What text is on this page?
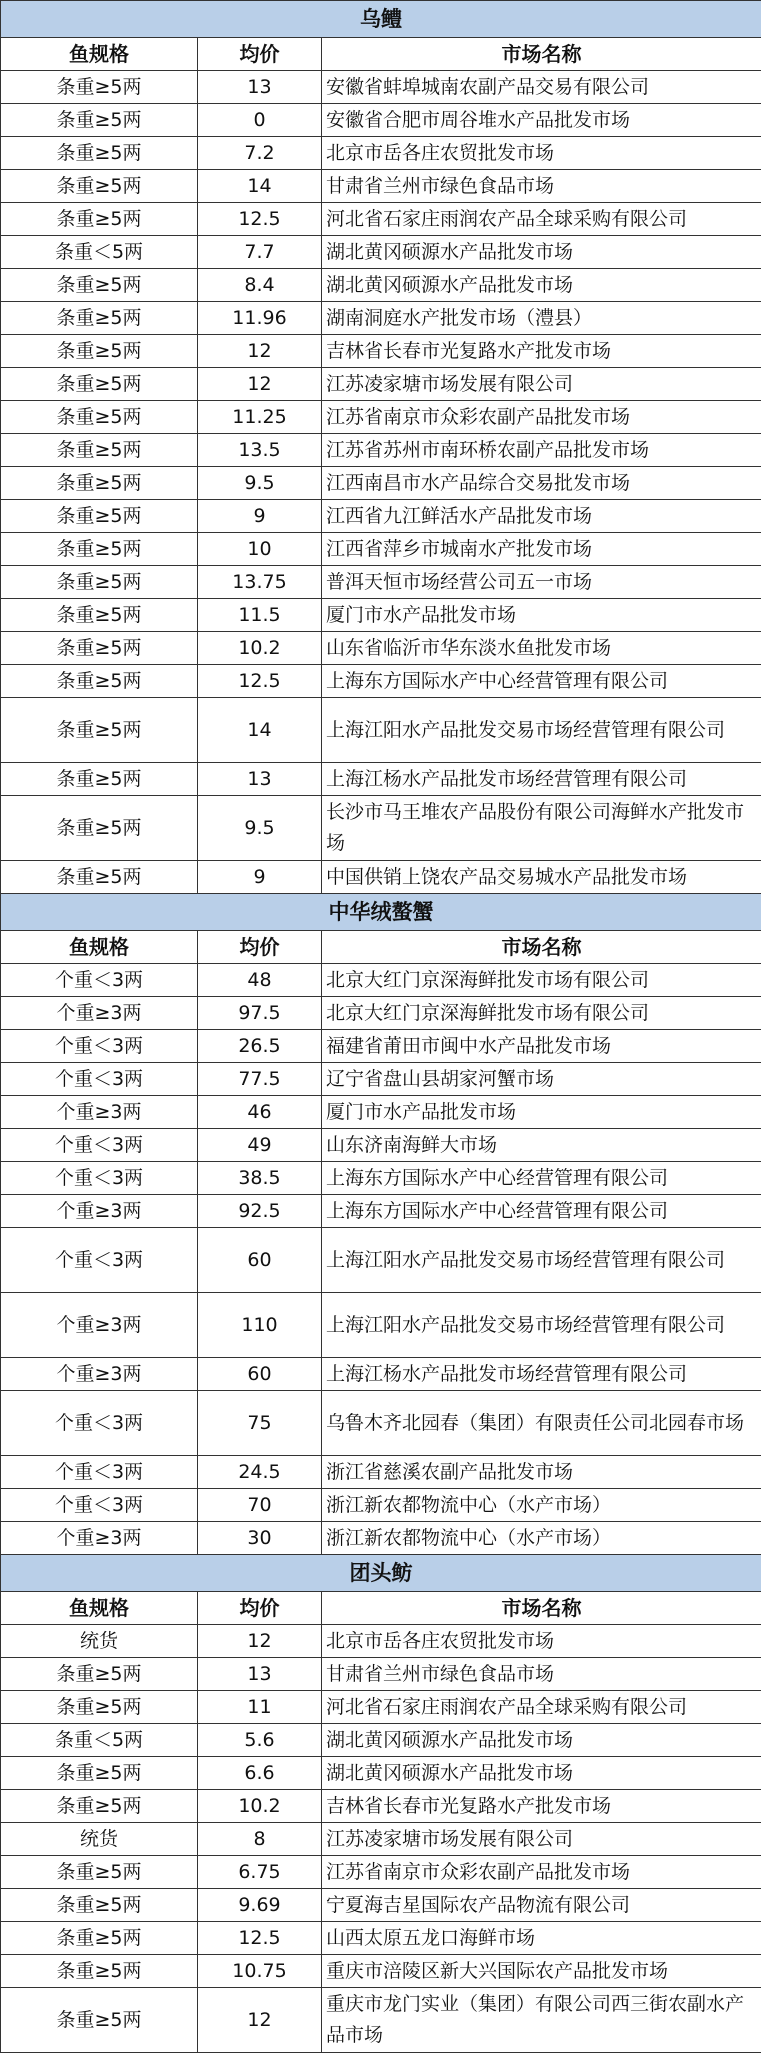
乌鳢		
鱼规格	均价	市场名称
条重≥5两	13	安徽省蚌埠城南农副产品交易有限公司
条重≥5两	0	安徽省合肥市周谷堆水产品批发市场
条重≥5两	7.2	北京市岳各庄农贸批发市场
条重≥5两	14	甘肃省兰州市绿色食品市场
条重≥5两	12.5	河北省石家庄雨润农产品全球采购有限公司
条重＜5两	7.7	湖北黄冈硕源水产品批发市场
条重≥5两	8.4	湖北黄冈硕源水产品批发市场
条重≥5两	11.96	湖南洞庭水产批发市场（澧县）
条重≥5两	12	吉林省长春市光复路水产批发市场
条重≥5两	12	江苏凌家塘市场发展有限公司
条重≥5两	11.25	江苏省南京市众彩农副产品批发市场
条重≥5两	13.5	江苏省苏州市南环桥农副产品批发市场
条重≥5两	9.5	江西南昌市水产品综合交易批发市场
条重≥5两	9	江西省九江鲜活水产品批发市场
条重≥5两	10	江西省萍乡市城南水产批发市场
条重≥5两	13.75	普洱天恒市场经营公司五一市场
条重≥5两	11.5	厦门市水产品批发市场
条重≥5两	10.2	山东省临沂市华东淡水鱼批发市场
条重≥5两	12.5	上海东方国际水产中心经营管理有限公司
条重≥5两	14	上海江阳水产品批发交易市场经营管理有限公司
条重≥5两	13	上海江杨水产品批发市场经营管理有限公司
条重≥5两	9.5	长沙市马王堆农产品股份有限公司海鲜水产批发市场
条重≥5两	9	中国供销上饶农产品交易城水产品批发市场
中华绒螯蟹		
鱼规格	均价	市场名称
个重＜3两	48	北京大红门京深海鲜批发市场有限公司
个重≥3两	97.5	北京大红门京深海鲜批发市场有限公司
个重＜3两	26.5	福建省莆田市闽中水产品批发市场
个重＜3两	77.5	辽宁省盘山县胡家河蟹市场
个重≥3两	46	厦门市水产品批发市场
个重＜3两	49	山东济南海鲜大市场
个重＜3两	38.5	上海东方国际水产中心经营管理有限公司
个重≥3两	92.5	上海东方国际水产中心经营管理有限公司
个重＜3两	60	上海江阳水产品批发交易市场经营管理有限公司
个重≥3两	110	上海江阳水产品批发交易市场经营管理有限公司
个重≥3两	60	上海江杨水产品批发市场经营管理有限公司
个重＜3两	75	乌鲁木齐北园春（集团）有限责任公司北园春市场
个重＜3两	24.5	浙江省慈溪农副产品批发市场
个重＜3两	70	浙江新农都物流中心（水产市场）
个重≥3两	30	浙江新农都物流中心（水产市场）
团头鲂		
鱼规格	均价	市场名称
统货	12	北京市岳各庄农贸批发市场
条重≥5两	13	甘肃省兰州市绿色食品市场
条重≥5两	11	河北省石家庄雨润农产品全球采购有限公司
条重＜5两	5.6	湖北黄冈硕源水产品批发市场
条重≥5两	6.6	湖北黄冈硕源水产品批发市场
条重≥5两	10.2	吉林省长春市光复路水产批发市场
统货	8	江苏凌家塘市场发展有限公司
条重≥5两	6.75	江苏省南京市众彩农副产品批发市场
条重≥5两	9.69	宁夏海吉星国际农产品物流有限公司
条重≥5两	12.5	山西太原五龙口海鲜市场
条重≥5两	10.75	重庆市涪陵区新大兴国际农产品批发市场
条重≥5两	12	重庆市龙门实业（集团）有限公司西三街农副水产品市场
